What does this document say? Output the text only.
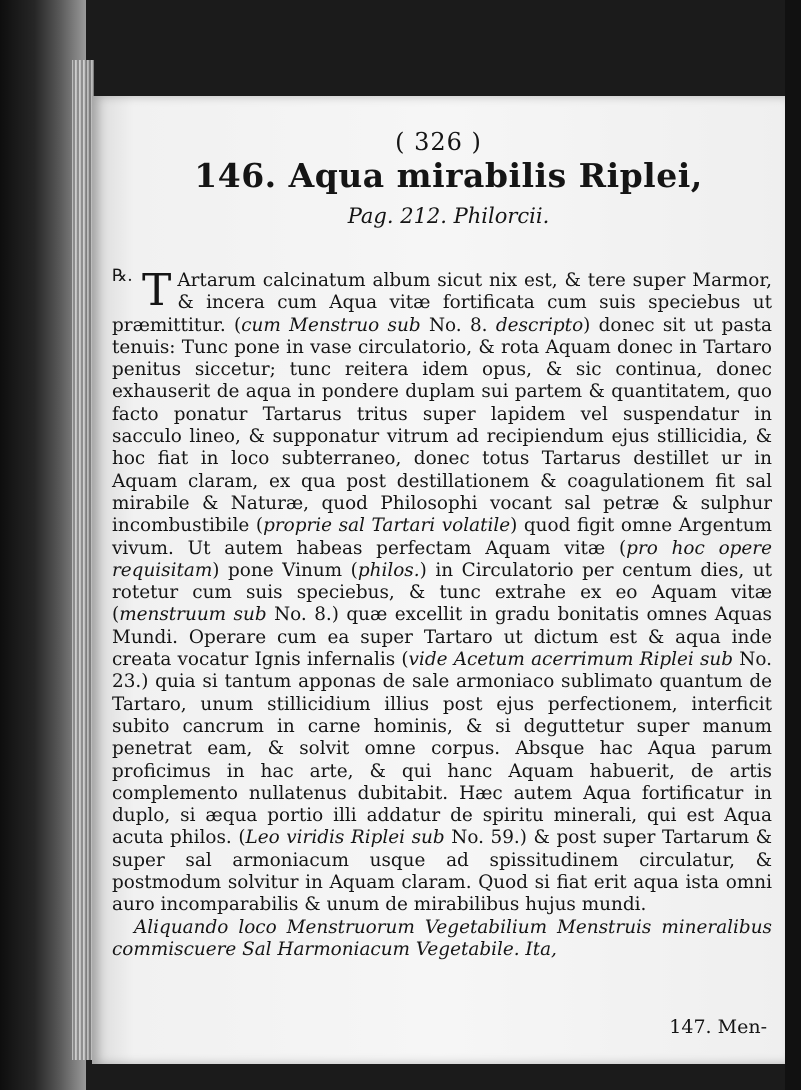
( 326 )
146. Aqua mirabilis Riplei,
Pag. 212. Philorcii.
℞. T Artarum calcinatum album sicut nix est, & tere super Marmor, & incera cum Aqua vitæ fortificata cum suis speciebus ut præmittitur. (cum Menstruo sub No. 8. descripto) donec sit ut pasta tenuis: Tunc pone in vase circulatorio, & rota Aquam donec in Tartaro penitus siccetur; tunc reitera idem opus, & sic continua, donec exhauserit de aqua in pondere duplam sui partem & quantitatem, quo facto ponatur Tartarus tritus super lapidem vel suspendatur in sacculo lineo, & supponatur vitrum ad recipiendum ejus stillicidia, & hoc fiat in loco subterraneo, donec totus Tartarus destillet ur in Aquam claram, ex qua post destillationem & coagulationem fit sal mirabile & Naturæ, quod Philosophi vocant sal petræ & sulphur incombustibile (proprie sal Tartari volatile) quod figit omne Argentum vivum. Ut autem habeas perfectam Aquam vitæ (pro hoc opere requisitam) pone Vinum (philos.) in Circulatorio per centum dies, ut rotetur cum suis speciebus, & tunc extrahe ex eo Aquam vitæ (menstruum sub No. 8.) quæ excellit in gradu bonitatis omnes Aquas Mundi. Operare cum ea super Tartaro ut dictum est & aqua inde creata vocatur Ignis infernalis (vide Acetum acerrimum Riplei sub No. 23.) quia si tantum apponas de sale armoniaco sublimato quantum de Tartaro, unum stillicidium illius post ejus perfectionem, interficit subito cancrum in carne hominis, & si deguttetur super manum penetrat eam, & solvit omne corpus. Absque hac Aqua parum proficimus in hac arte, & qui hanc Aquam habuerit, de artis complemento nullatenus dubitabit. Hæc autem Aqua fortificatur in duplo, si æqua portio illi addatur de spiritu minerali, qui est Aqua acuta philos. (Leo viridis Riplei sub No. 59.) & post super Tartarum & super sal armoniacum usque ad spissitudinem circulatur, & postmodum solvitur in Aquam claram. Quod si fiat erit aqua ista omni auro incomparabilis & unum de mirabilibus hujus mundi.

Aliquando loco Menstruorum Vegetabilium Menstruis mineralibus commiscuere Sal Harmoniacum Vegetabile. Ita,

147. Men-
